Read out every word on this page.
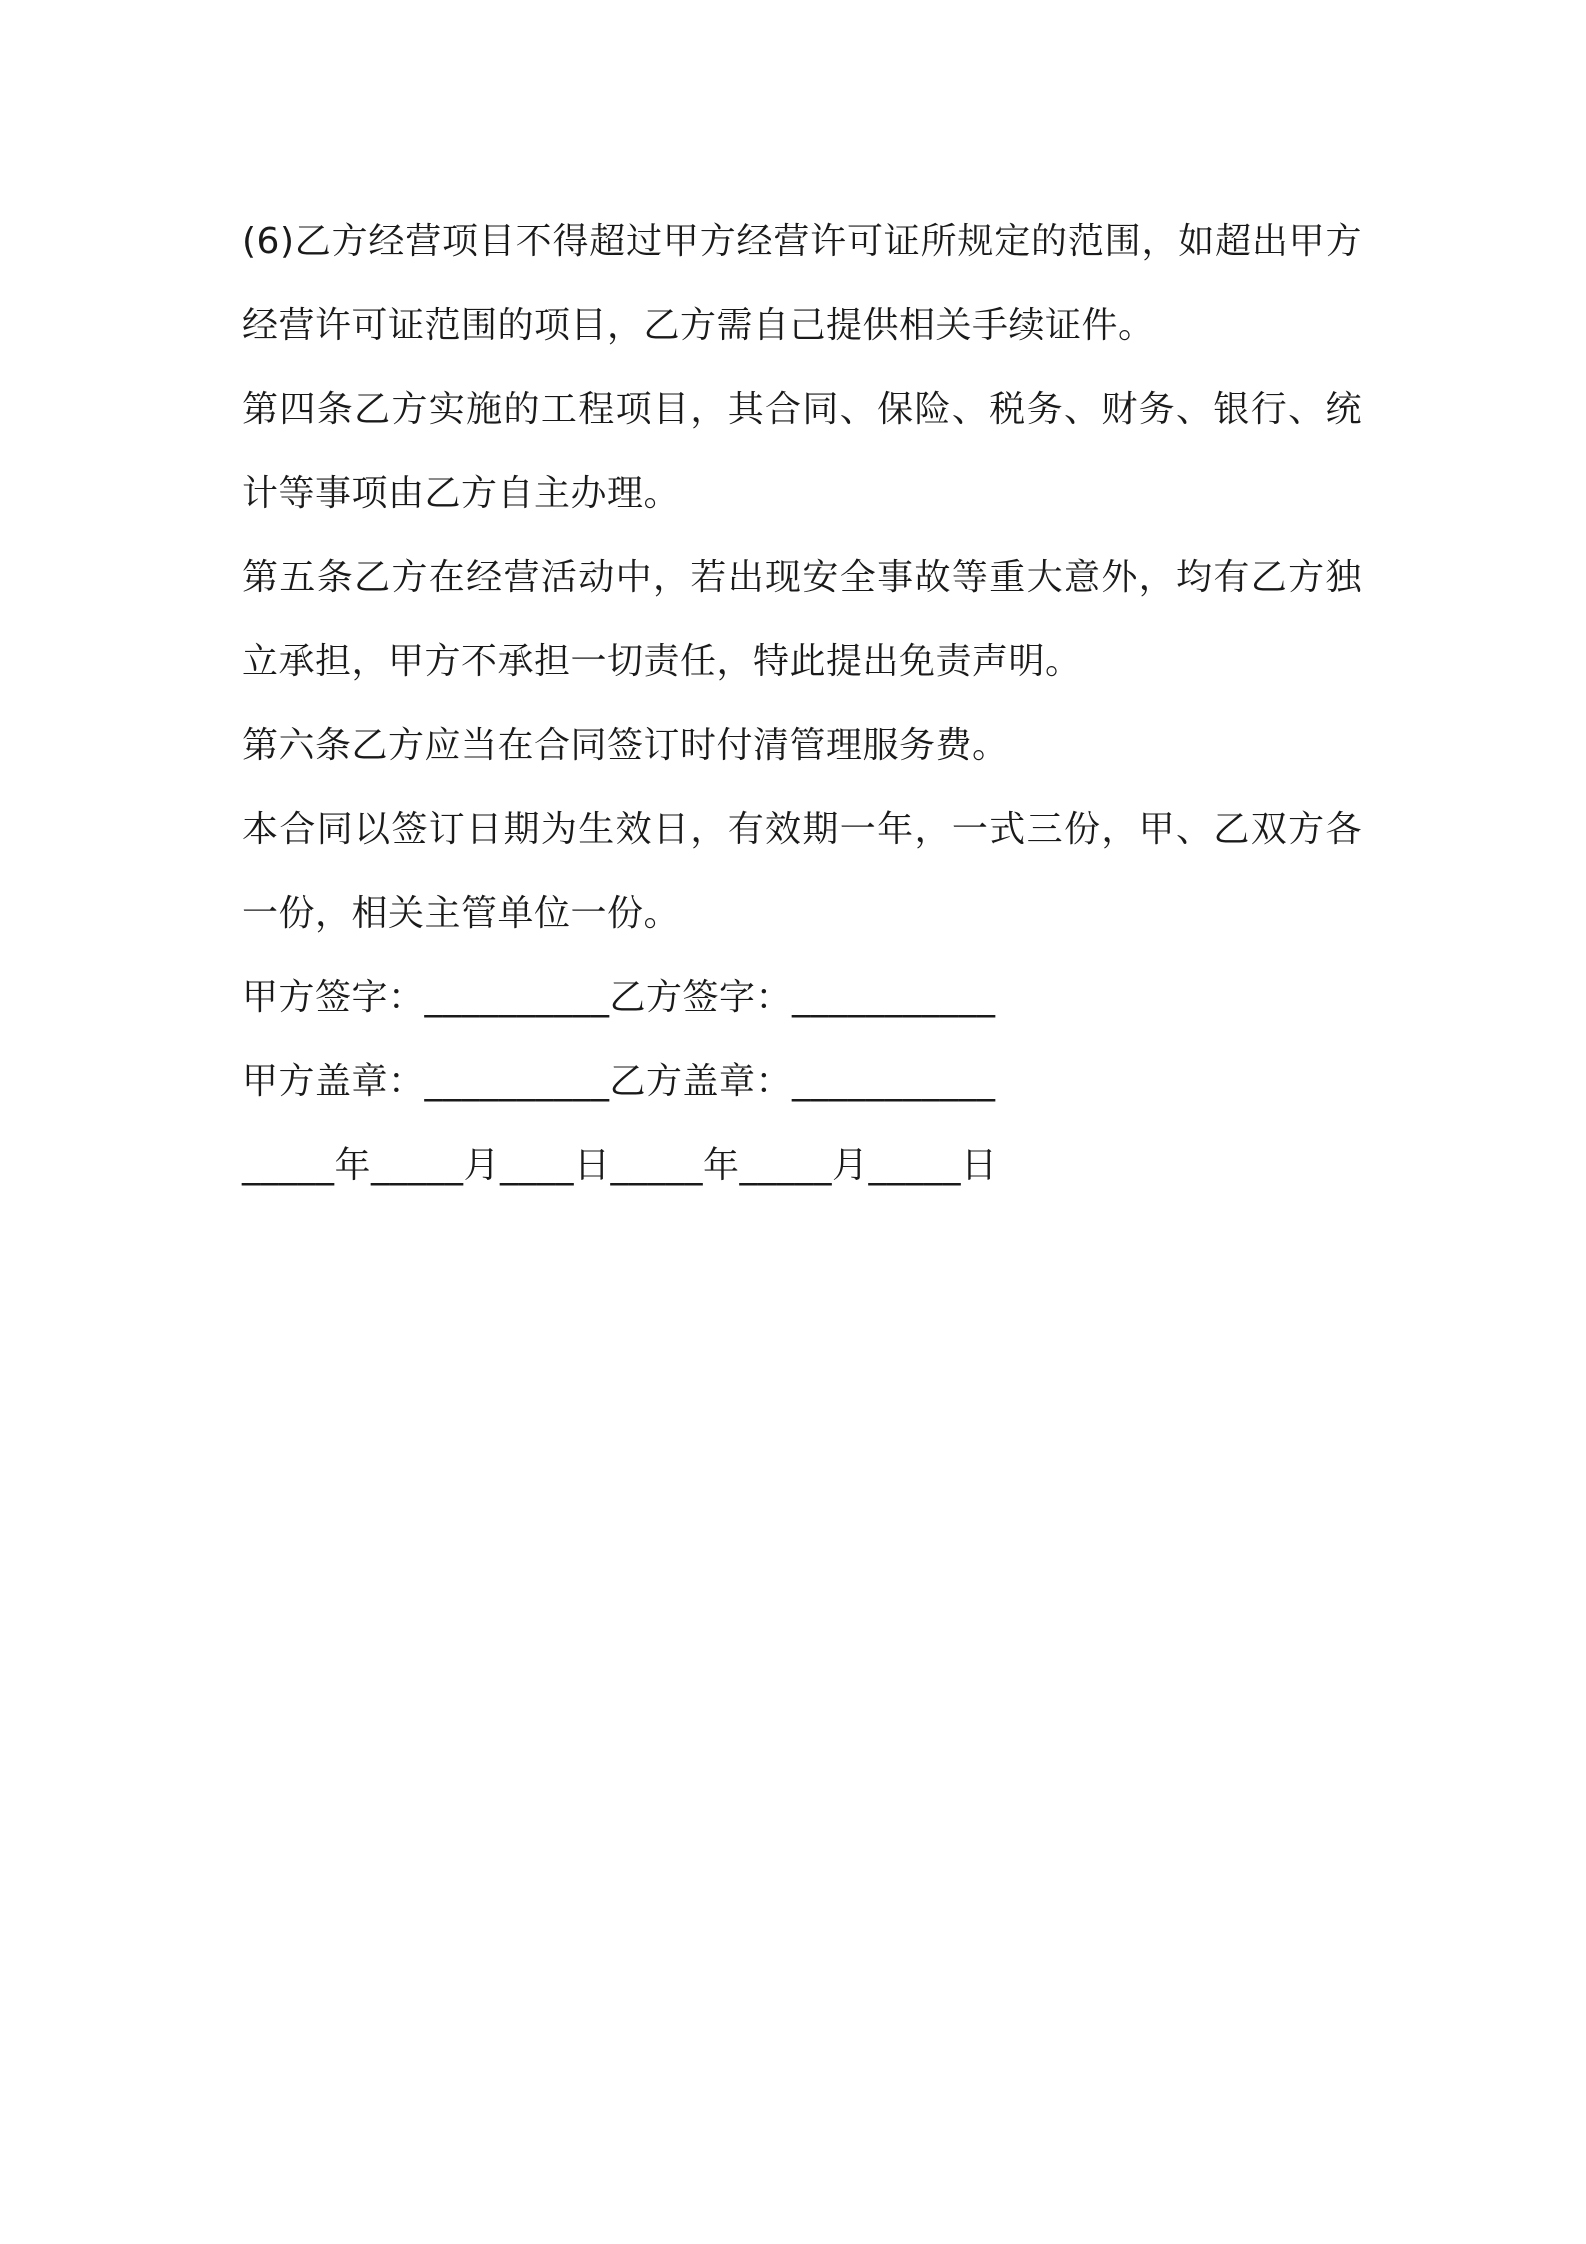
(6)乙方经营项目不得超过甲方经营许可证所规定的范围，如超出甲方经营许可证范围的项目，乙方需自己提供相关手续证件。

第四条乙方实施的工程项目，其合同、保险、税务、财务、银行、统计等事项由乙方自主办理。

第五条乙方在经营活动中，若出现安全事故等重大意外，均有乙方独立承担，甲方不承担一切责任，特此提出免责声明。

第六条乙方应当在合同签订时付清管理服务费。

本合同以签订日期为生效日，有效期一年，一式三份，甲、乙双方各一份，相关主管单位一份。

甲方签字：__________乙方签字：___________

甲方盖章：__________乙方盖章：___________

_____年_____月____日_____年_____月_____日
